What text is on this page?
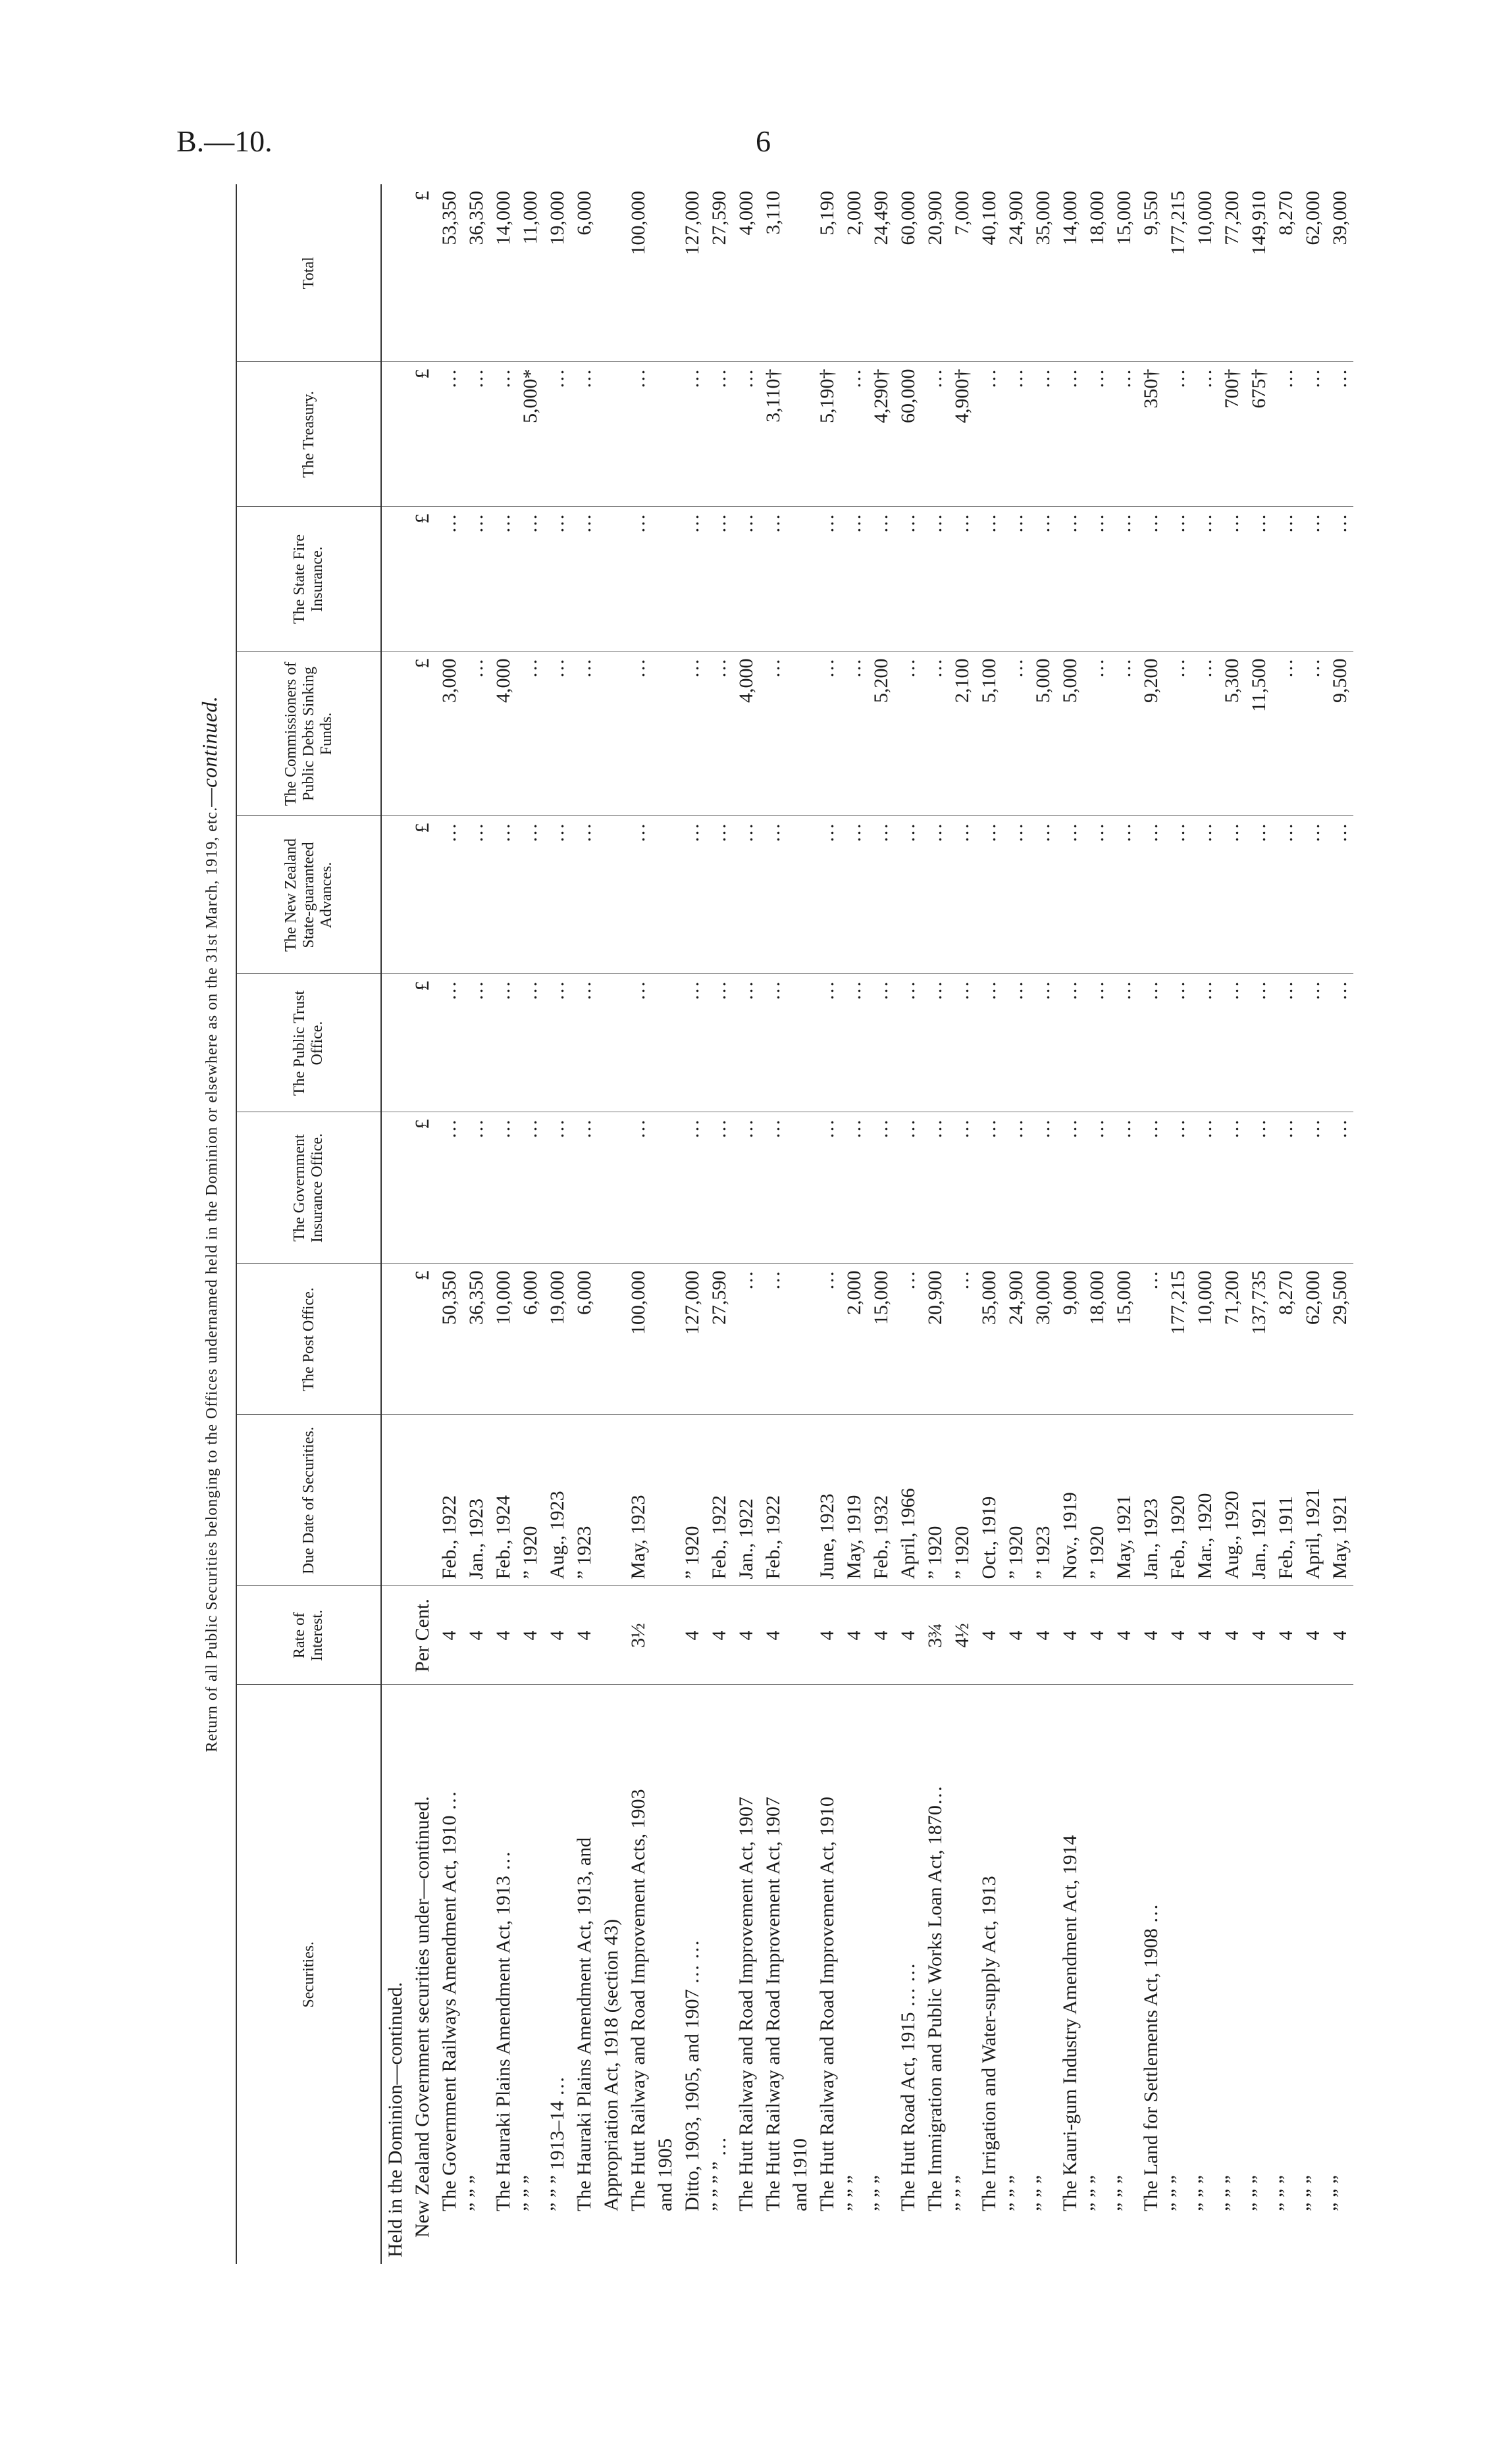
B.—10.	6
Return of all Public Securities belonging to the Offices undernamed held in the Dominion or elsewhere as on the 31st March, 1919, etc.—continued.
Securities.	Rate of Interest.	Due Date of Securities.	The Post Office.	The Government Insurance Office.	The Public Trust Office.	The New Zealand State-guaranteed Advances.	The Commissioners of Public Debts Sinking Funds.	The State Fire Insurance.	The Treasury.	Total
Held in the Dominion—continued.										
New Zealand Government securities under—continued.	Per Cent.		£	£	£	£	£	£	£	£
The Government Railways Amendment Act, 1910 …	4	Feb., 1922	50,350	…	…	…	3,000	…	…	53,350
” ” ”	4	Jan., 1923	36,350	…	…	…	…	…	…	36,350
The Hauraki Plains Amendment Act, 1913 …	4	Feb., 1924	10,000	…	…	…	4,000	…	…	14,000
” ” ”	4	” 1920	6,000	…	…	…	…	…	5,000*	11,000
” ” ” 1913–14 …	4	Aug., 1923	19,000	…	…	…	…	…	…	19,000
The Hauraki Plains Amendment Act, 1913, and	4	” 1923	6,000	…	…	…	…	…	…	6,000
Appropriation Act, 1918 (section 43)										
The Hutt Railway and Road Improvement Acts, 1903	3½	May, 1923	100,000	…	…	…	…	…	…	100,000
and 1905										
Ditto, 1903, 1905, and 1907 … …	4	” 1920	127,000	…	…	…	…	…	…	127,000
” ” ” ” …	4	Feb., 1922	27,590	…	…	…	…	…	…	27,590
The Hutt Railway and Road Improvement Act, 1907	4	Jan., 1922	…	…	…	…	4,000	…	…	4,000
The Hutt Railway and Road Improvement Act, 1907	4	Feb., 1922	…	…	…	…	…	…	3,110†	3,110
and 1910										
The Hutt Railway and Road Improvement Act, 1910	4	June, 1923	…	…	…	…	…	…	5,190†	5,190
” ” ”	4	May, 1919	2,000	…	…	…	…	…	…	2,000
” ” ”	4	Feb., 1932	15,000	…	…	…	5,200	…	4,290†	24,490
The Hutt Road Act, 1915 … …	4	April, 1966	…	…	…	…	…	…	60,000	60,000
The Immigration and Public Works Loan Act, 1870…	3¾	” 1920	20,900	…	…	…	…	…	…	20,900
” ” ”	4½	” 1920	…	…	…	…	2,100	…	4,900†	7,000
The Irrigation and Water-supply Act, 1913	4	Oct., 1919	35,000	…	…	…	5,100	…	…	40,100
” ” ”	4	” 1920	24,900	…	…	…	…	…	…	24,900
” ” ”	4	” 1923	30,000	…	…	…	5,000	…	…	35,000
The Kauri-gum Industry Amendment Act, 1914	4	Nov., 1919	9,000	…	…	…	5,000	…	…	14,000
” ” ”	4	” 1920	18,000	…	…	…	…	…	…	18,000
” ” ”	4	May, 1921	15,000	…	…	…	…	…	…	15,000
The Land for Settlements Act, 1908 …	4	Jan., 1923	…	…	…	…	9,200	…	350†	9,550
” ” ”	4	Feb., 1920	177,215	…	…	…	…	…	…	177,215
” ” ”	4	Mar., 1920	10,000	…	…	…	…	…	…	10,000
” ” ”	4	Aug., 1920	71,200	…	…	…	5,300	…	700†	77,200
” ” ”	4	Jan., 1921	137,735	…	…	…	11,500	…	675†	149,910
” ” ”	4	Feb., 1911	8,270	…	…	…	…	…	…	8,270
” ” ”	4	April, 1921	62,000	…	…	…	…	…	…	62,000
” ” ”	4	May, 1921	29,500	…	…	…	9,500	…	…	39,000
